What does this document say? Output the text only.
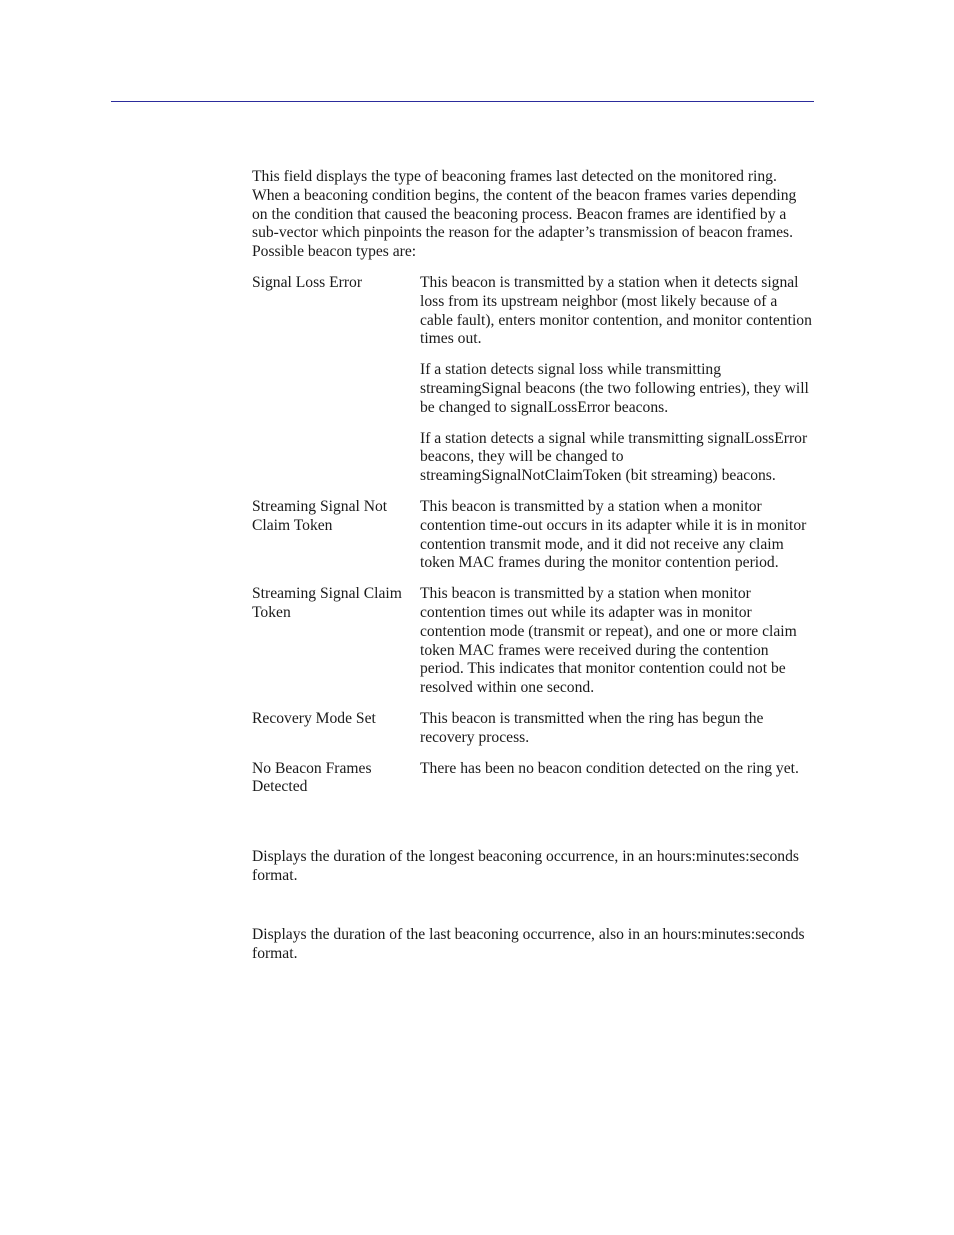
This field displays the type of beaconing frames last detected on the monitored ring. When a beaconing condition begins, the content of the beacon frames varies depending on the condition that caused the beaconing process. Beacon frames are identified by a sub-vector which pinpoints the reason for the adapter’s transmission of beacon frames. Possible beacon types are:

Signal Loss Error	This beacon is transmitted by a station when it detects signal loss from its upstream neighbor (most likely because of a cable fault), enters monitor contention, and monitor contention times out.

If a station detects signal loss while transmitting streamingSignal beacons (the two following entries), they will be changed to signalLossError beacons.

If a station detects a signal while transmitting signalLossError beacons, they will be changed to streamingSignalNotClaimToken (bit streaming) beacons.

Streaming Signal Not Claim Token

This beacon is transmitted by a station when a monitor contention time-out occurs in its adapter while it is in monitor contention transmit mode, and it did not receive any claim token MAC frames during the monitor contention period.

Streaming Signal Claim Token

This beacon is transmitted by a station when monitor contention times out while its adapter was in monitor contention mode (transmit or repeat), and one or more claim token MAC frames were received during the contention period. This indicates that monitor contention could not be resolved within one second.

Recovery Mode Set	This beacon is transmitted when the ring has begun the recovery process.

No Beacon Frames Detected

There has been no beacon condition detected on the ring yet.

Displays the duration of the longest beaconing occurrence, in an hours:minutes:seconds format.

Displays the duration of the last beaconing occurrence, also in an hours:minutes:seconds format.
